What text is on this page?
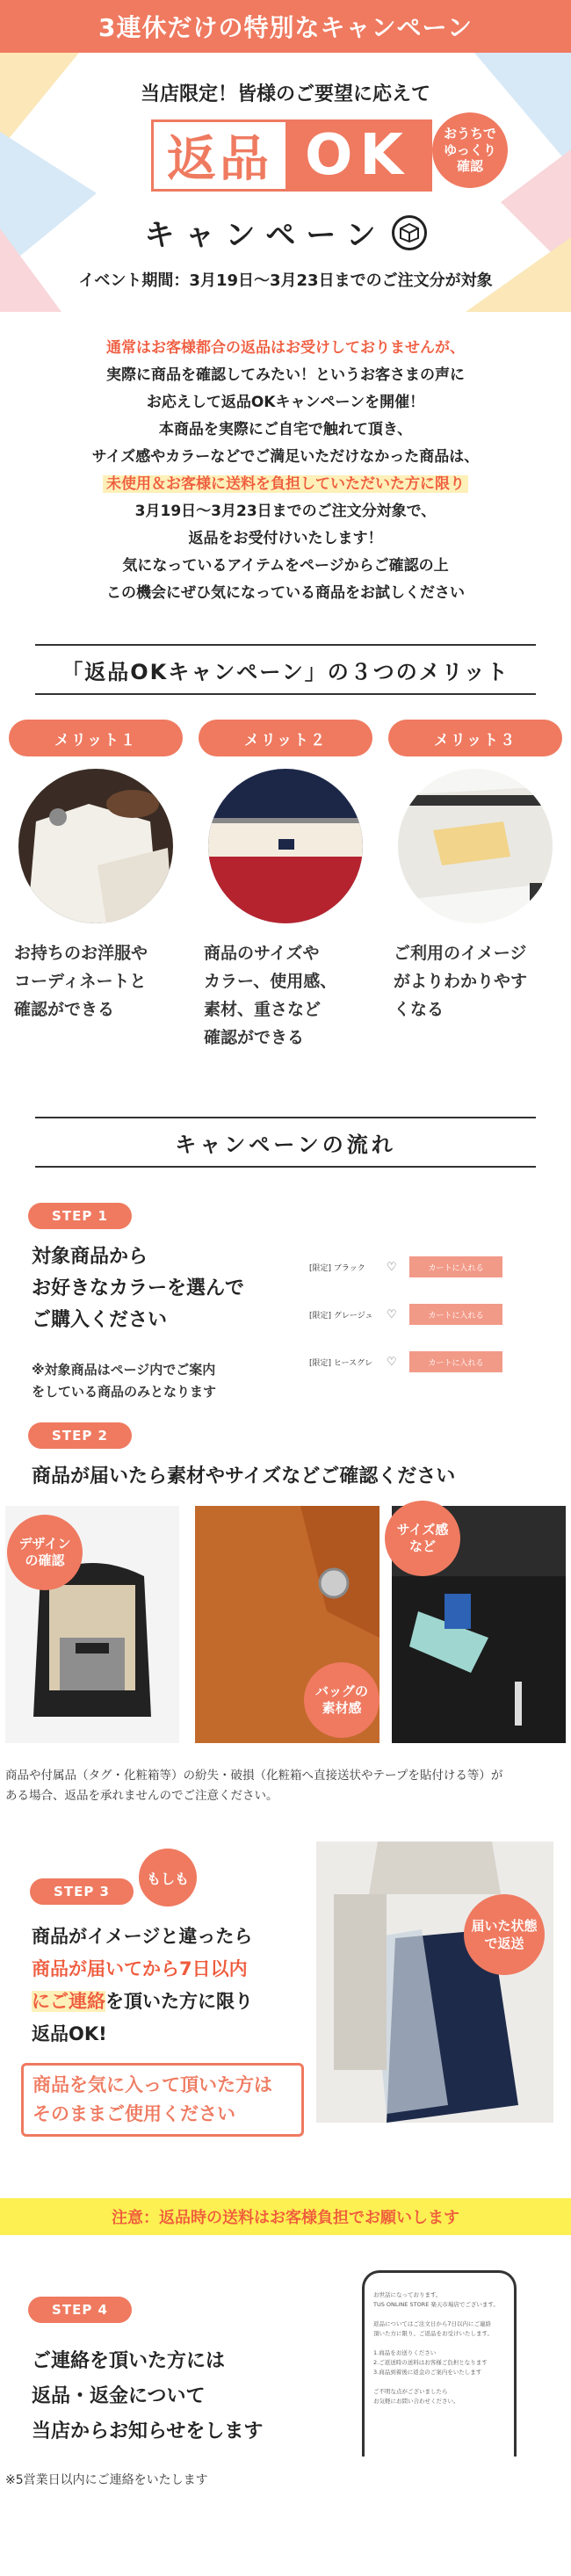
3連休だけの特別なキャンペーン
当店限定！皆様のご要望に応えて
返品 OK	おうちで
ゆっくり
確認
キャンペーン
イベント期間：3月19日〜3月23日までのご注文分が対象
通常はお客様都合の返品はお受けしておりませんが、
実際に商品を確認してみたい！というお客さまの声に
お応えして返品OKキャンペーンを開催！
本商品を実際にご自宅で触れて頂き、
サイズ感やカラーなどでご満足いただけなかった商品は、
未使用＆お客様に送料を負担していただいた方に限り
3月19日〜3月23日までのご注文分対象で、
返品をお受付けいたします！
気になっているアイテムをページからご確認の上
この機会にぜひ気になっている商品をお試しください
「返品OKキャンペーン」の３つのメリット
メリット１
お持ちのお洋服や
コーディネートと
確認ができる
メリット２
商品のサイズや
カラー、使用感、
素材、重さなど
確認ができる
メリット３
ご利用のイメージ
がよりわかりやす
くなる
キャンペーンの流れ
STEP 1
対象商品から
お好きなカラーを選んで
ご購入ください
※対象商品はページ内でご案内
をしている商品のみとなります
[限定] ブラック	♡	カートに入れる
[限定] グレージュ	♡	カートに入れる
[限定] ヒースグレ	♡	カートに入れる
STEP 2
商品が届いたら素材やサイズなどご確認ください
デザイン
の確認
バッグの
素材感
サイズ感
など
商品や付属品（タグ・化粧箱等）の紛失・破損（化粧箱へ直接送状やテープを貼付ける等）が
ある場合、返品を承れませんのでご注意ください。
STEP 3
もしも
商品がイメージと違ったら
商品が届いてから7日以内
にご連絡を頂いた方に限り
返品OK!
商品を気に入って頂いた方は
そのままご使用ください
届いた状態
で返送
注意：返品時の送料はお客様負担でお願いします
STEP 4
ご連絡を頂いた方には
返品・返金について
当店からお知らせをします
お世話になっております。
TUS ONLINE STORE 楽天市場店でございます。

返品についてはご注文日から7日以内にご連絡
頂いた方に限り、ご返品をお受けいたします。

1.商品をお送りください
2.ご返送時の送料はお客様ご負担となります
3.商品到着後に返金のご案内をいたします

ご不明な点がございましたら
お気軽にお問い合わせください。
※5営業日以内にご連絡をいたします
